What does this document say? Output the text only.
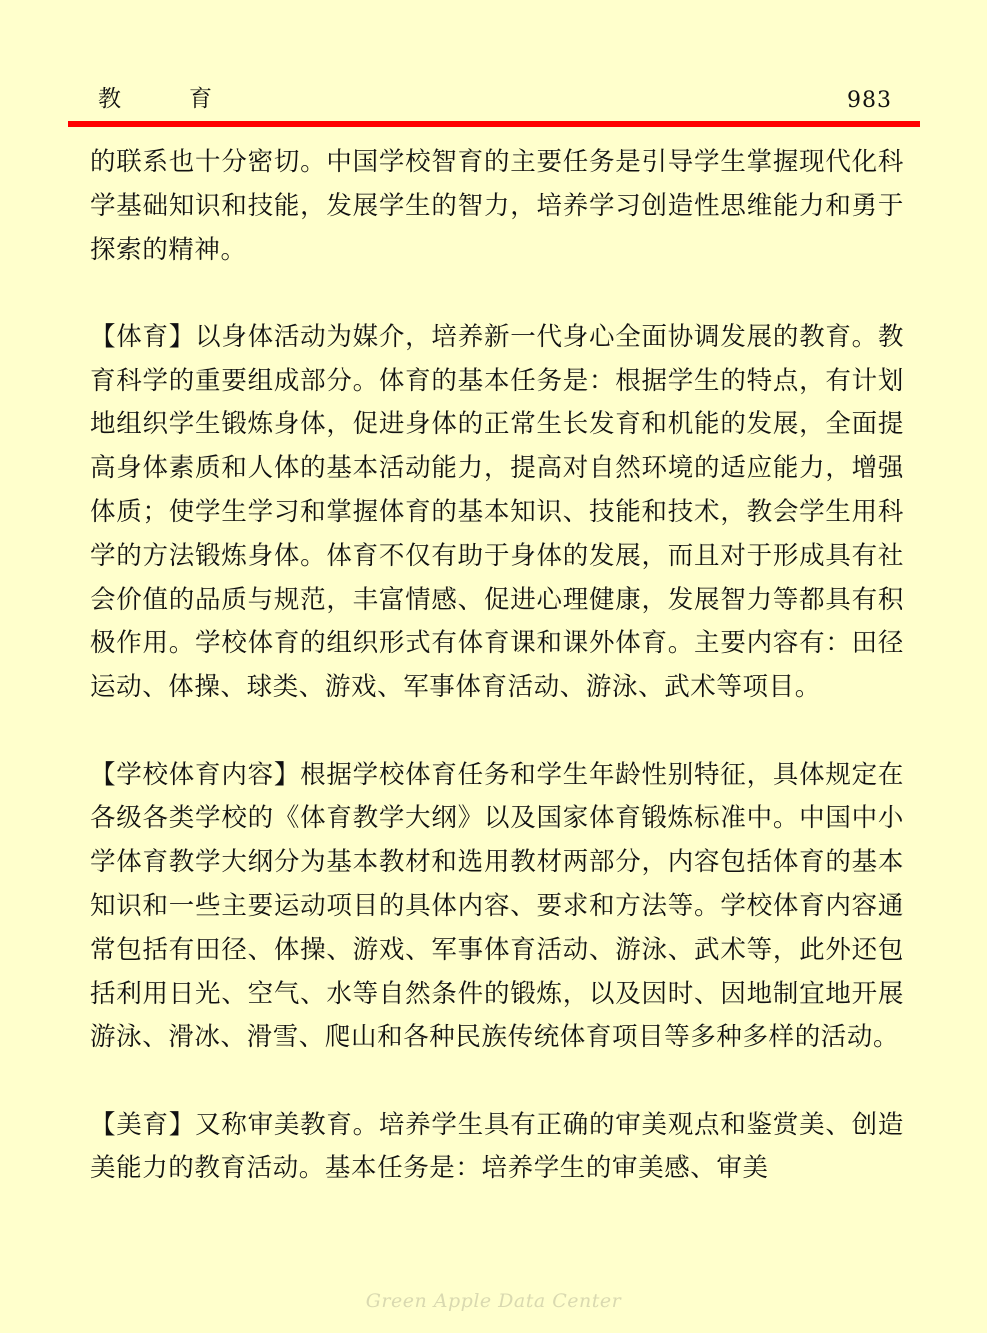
教育	983

的联系也十分密切。中国学校智育的主要任务是引导学生掌握现代化科学基础知识和技能，发展学生的智力，培养学习创造性思维能力和勇于探索的精神。

【体育】以身体活动为媒介，培养新一代身心全面协调发展的教育。教育科学的重要组成部分。体育的基本任务是：根据学生的特点，有计划地组织学生锻炼身体，促进身体的正常生长发育和机能的发展，全面提高身体素质和人体的基本活动能力，提高对自然环境的适应能力，增强体质；使学生学习和掌握体育的基本知识、技能和技术，教会学生用科学的方法锻炼身体。体育不仅有助于身体的发展，而且对于形成具有社会价值的品质与规范，丰富情感、促进心理健康，发展智力等都具有积极作用。学校体育的组织形式有体育课和课外体育。主要内容有：田径运动、体操、球类、游戏、军事体育活动、游泳、武术等项目。

【学校体育内容】根据学校体育任务和学生年龄性别特征，具体规定在各级各类学校的《体育教学大纲》以及国家体育锻炼标准中。中国中小学体育教学大纲分为基本教材和选用教材两部分，内容包括体育的基本知识和一些主要运动项目的具体内容、要求和方法等。学校体育内容通常包括有田径、体操、游戏、军事体育活动、游泳、武术等，此外还包括利用日光、空气、水等自然条件的锻炼，以及因时、因地制宜地开展游泳、滑冰、滑雪、爬山和各种民族传统体育项目等多种多样的活动。

【美育】又称审美教育。培养学生具有正确的审美观点和鉴赏美、创造美能力的教育活动。基本任务是：培养学生的审美感、审美

Green Apple Data Center
